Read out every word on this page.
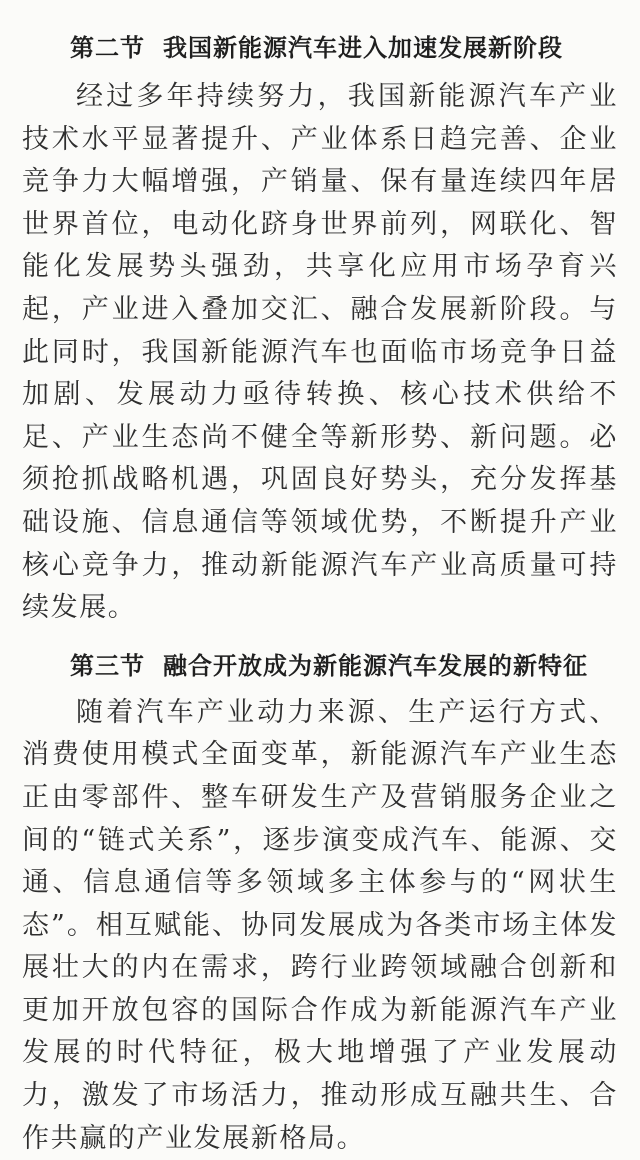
第二节 我国新能源汽车进入加速发展新阶段

经过多年持续努力，我国新能源汽车产业技术水平显著提升、产业体系日趋完善、企业竞争力大幅增强，产销量、保有量连续四年居世界首位，电动化跻身世界前列，网联化、智能化发展势头强劲，共享化应用市场孕育兴起，产业进入叠加交汇、融合发展新阶段。与此同时，我国新能源汽车也面临市场竞争日益加剧、发展动力亟待转换、核心技术供给不足、产业生态尚不健全等新形势、新问题。必须抢抓战略机遇，巩固良好势头，充分发挥基础设施、信息通信等领域优势，不断提升产业核心竞争力，推动新能源汽车产业高质量可持续发展。

第三节 融合开放成为新能源汽车发展的新特征

随着汽车产业动力来源、生产运行方式、消费使用模式全面变革，新能源汽车产业生态正由零部件、整车研发生产及营销服务企业之间的“链式关系”，逐步演变成汽车、能源、交通、信息通信等多领域多主体参与的“网状生态”。相互赋能、协同发展成为各类市场主体发展壮大的内在需求，跨行业跨领域融合创新和更加开放包容的国际合作成为新能源汽车产业发展的时代特征，极大地增强了产业发展动力，激发了市场活力，推动形成互融共生、合作共赢的产业发展新格局。
